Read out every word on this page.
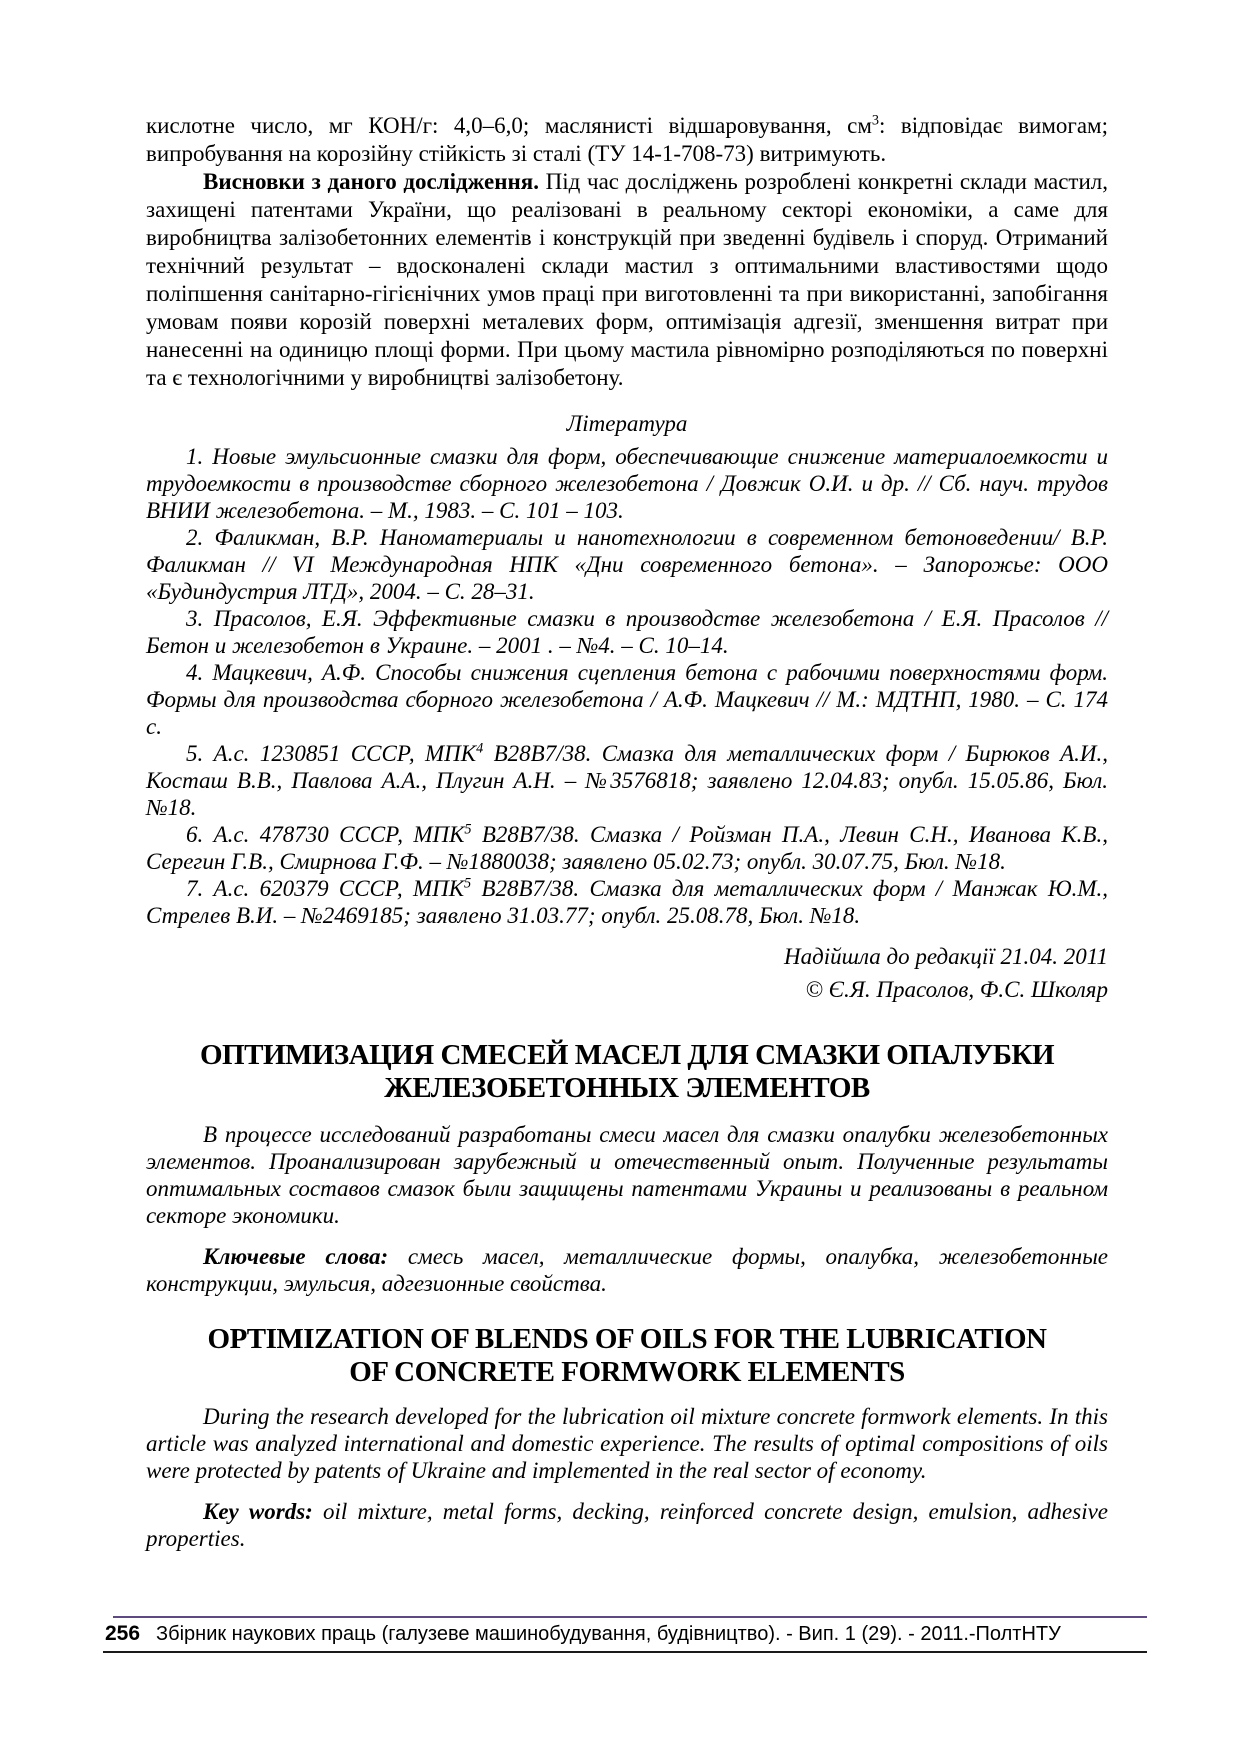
кислотне число, мг КОН/г: 4,0–6,0; маслянисті відшаровування, $см^3$: відповідає вимогам; випробування на корозійну стійкість зі сталі (ТУ 14-1-708-73) витримують.

Висновки з даного дослідження. Під час досліджень розроблені конкретні склади мастил, захищені патентами України, що реалізовані в реальному секторі економіки, а саме для виробництва залізобетонних елементів і конструкцій при зведенні будівель і споруд. Отриманий технічний результат – вдосконалені склади мастил з оптимальними властивостями щодо поліпшення санітарно-гігієнічних умов праці при виготовленні та при використанні, запобігання умовам появи корозій поверхні металевих форм, оптимізація адгезії, зменшення витрат при нанесенні на одиницю площі форми. При цьому мастила рівномірно розподіляються по поверхні та є технологічними у виробництві залізобетону.

Література

1. Новые эмульсионные смазки для форм, обеспечивающие снижение материалоемкости и трудоемкости в производстве сборного железобетона / Довжик О.И. и др. // Сб. науч. трудов ВНИИ железобетона. – М., 1983. – С. 101 – 103.

2. Фаликман, В.Р. Наноматериалы и нанотехнологии в современном бетоноведении/ В.Р. Фаликман // VI Международная НПК «Дни современного бетона». – Запорожье: ООО «Будиндустрия ЛТД», 2004. – С. 28–31.

3. Прасолов, Е.Я. Эффективные смазки в производстве железобетона / Е.Я. Прасолов // Бетон и железобетон в Украине. – 2001 . – №4. – С. 10–14.

4. Мацкевич, А.Ф. Способы снижения сцепления бетона с рабочими поверхностями форм. Формы для производства сборного железобетона / А.Ф. Мацкевич // М.: МДТНП, 1980. – С. 174 с.

5. А.с. 1230851 СССР, МПК$^4$ В28В7/38. Смазка для металлических форм / Бирюков А.И., Косташ В.В., Павлова А.А., Плугин А.Н. – №3576818; заявлено 12.04.83; опубл. 15.05.86, Бюл. №18.

6. А.с. 478730 СССР, МПК$^5$ В28В7/38. Смазка / Ройзман П.А., Левин С.Н., Иванова К.В., Серегин Г.В., Смирнова Г.Ф. – №1880038; заявлено 05.02.73; опубл. 30.07.75, Бюл. №18.

7. А.с. 620379 СССР, МПК$^5$ В28В7/38. Смазка для металлических форм / Манжак Ю.М., Стрелев В.И. – №2469185; заявлено 31.03.77; опубл. 25.08.78, Бюл. №18.

Надійшла до редакції 21.04. 2011

© Є.Я. Прасолов, Ф.С. Школяр

ОПТИМИЗАЦИЯ СМЕСЕЙ МАСЕЛ ДЛЯ СМАЗКИ ОПАЛУБКИ
ЖЕЛЕЗОБЕТОННЫХ ЭЛЕМЕНТОВ

В процессе исследований разработаны смеси масел для смазки опалубки железобетонных элементов. Проанализирован зарубежный и отечественный опыт. Полученные результаты оптимальных составов смазок были защищены патентами Украины и реализованы в реальном секторе экономики.

Ключевые слова: смесь масел, металлические формы, опалубка, железобетонные конструкции, эмульсия, адгезионные свойства.

OPTIMIZATION OF BLENDS OF OILS FOR THE LUBRICATION
OF CONCRETE FORMWORK ELEMENTS

During the research developed for the lubrication oil mixture concrete formwork elements. In this article was analyzed international and domestic experience. The results of optimal compositions of oils were protected by patents of Ukraine and implemented in the real sector of economy.

Key words: oil mixture, metal forms, decking, reinforced concrete design, emulsion, adhesive properties.

256 Збірник наукових праць (галузеве машинобудування, будівництво). - Вип. 1 (29). - 2011.-ПолтНТУ
